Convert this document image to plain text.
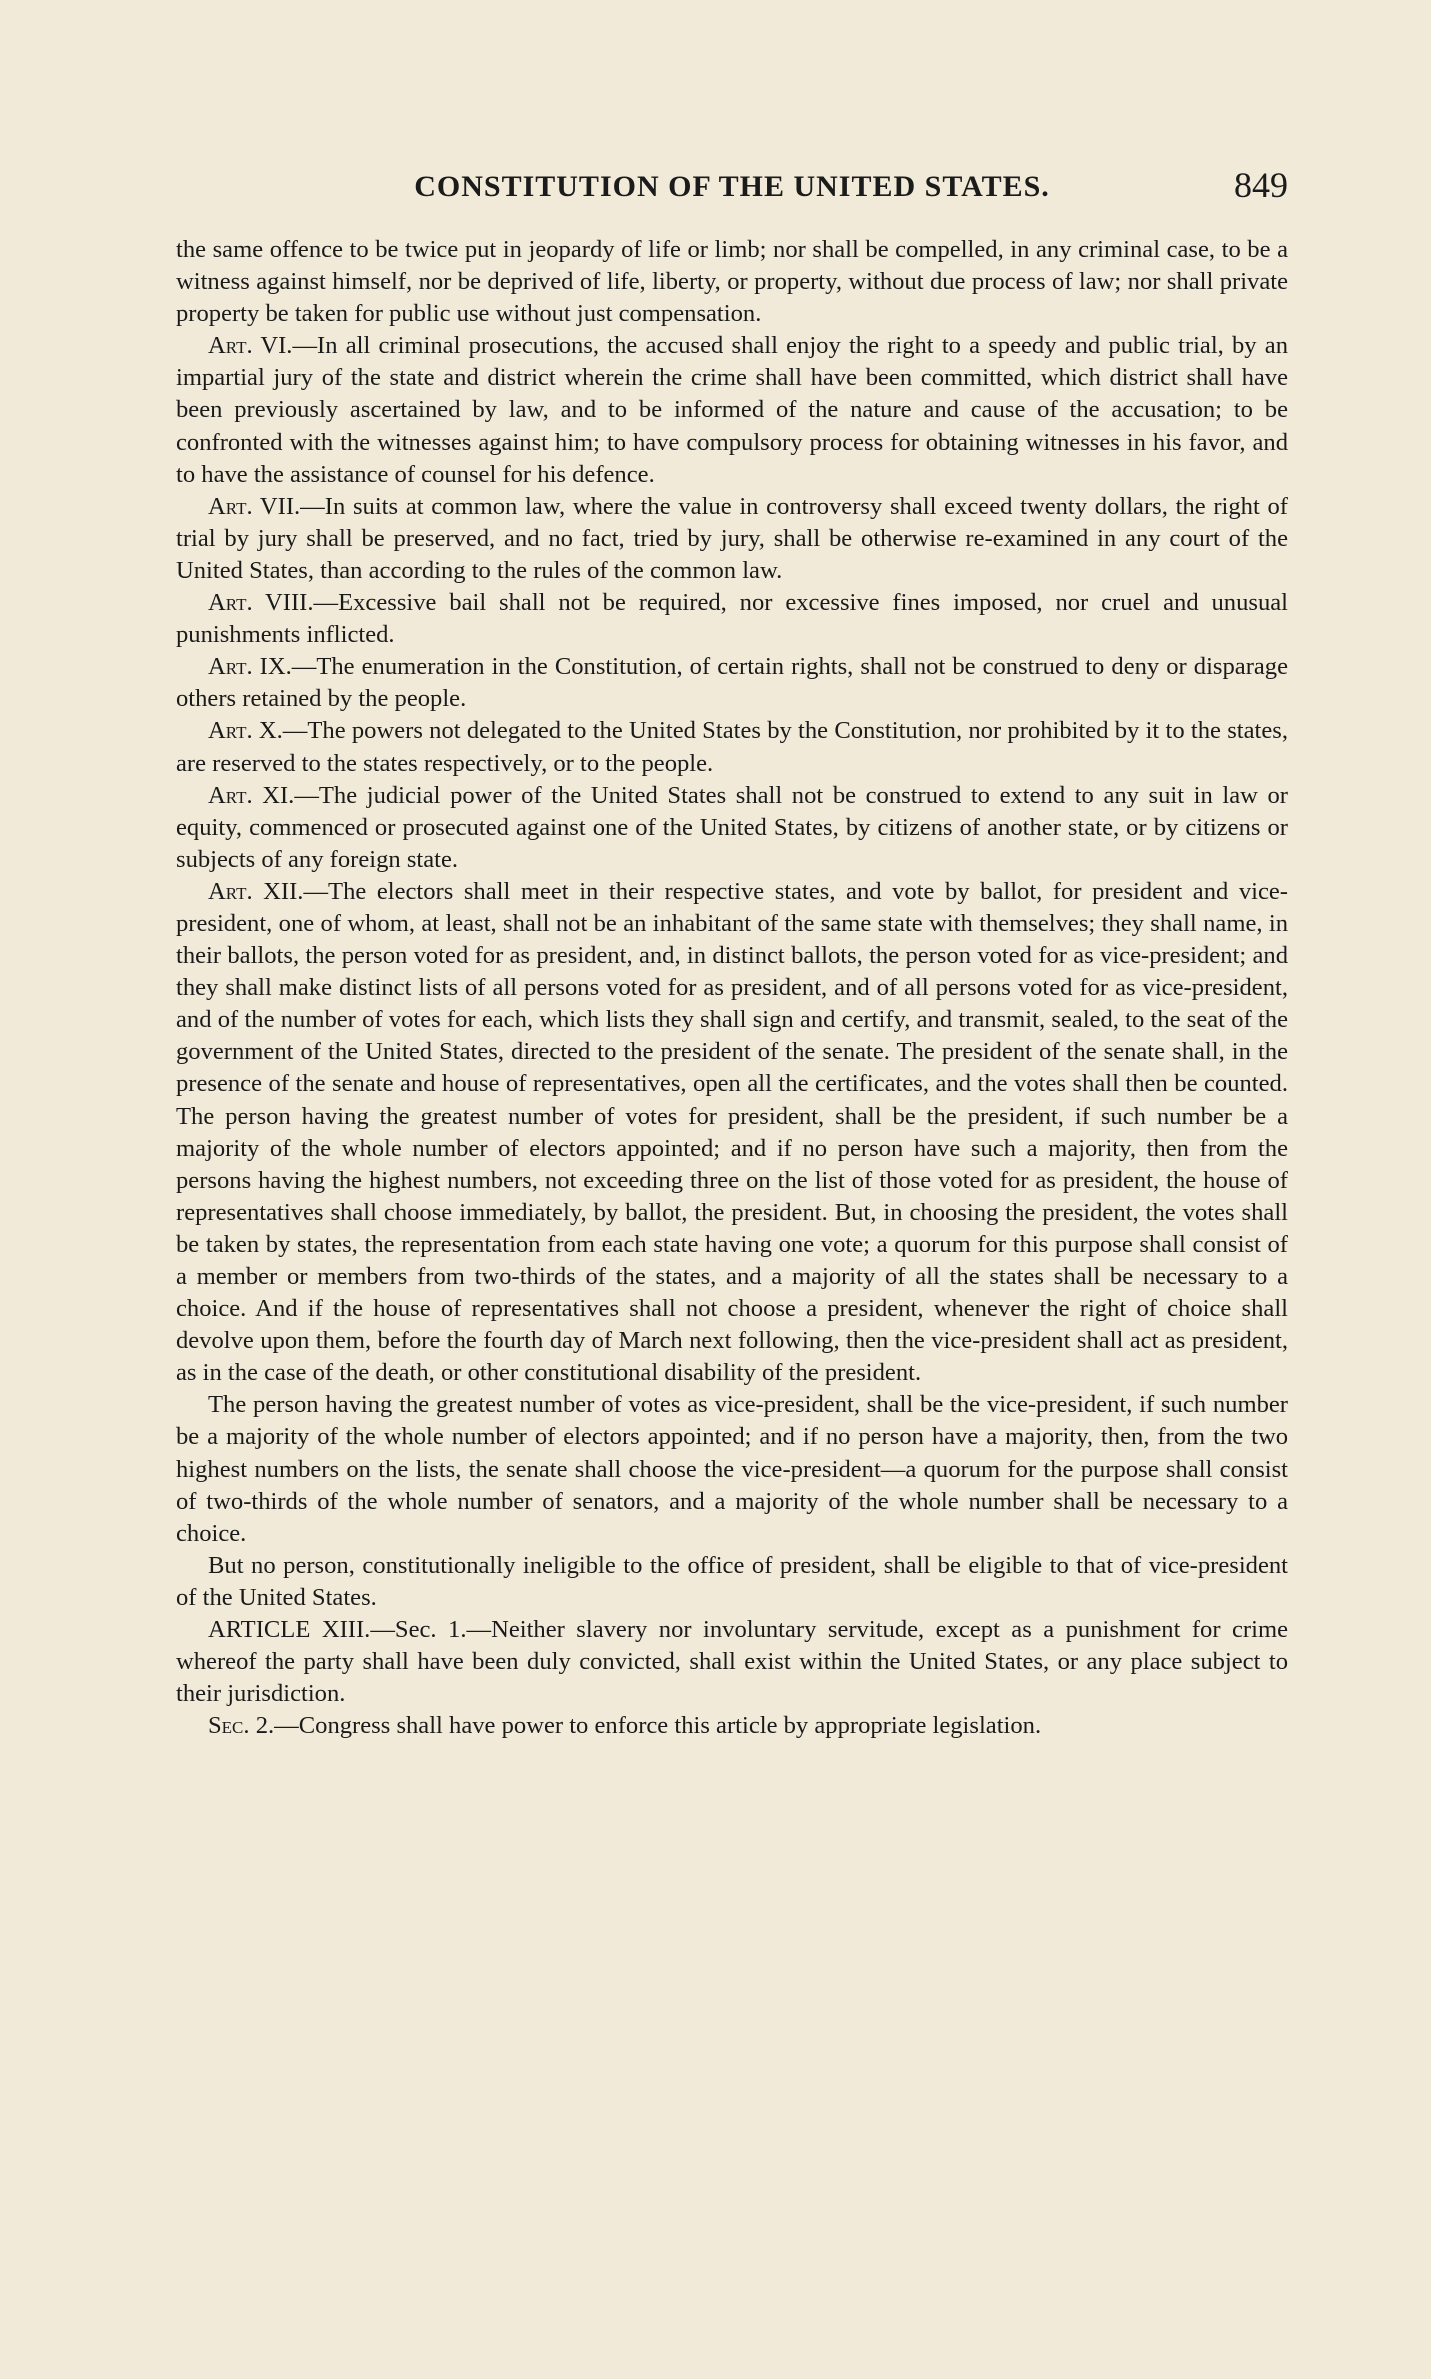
CONSTITUTION OF THE UNITED STATES.	849

the same offence to be twice put in jeopardy of life or limb; nor shall be compelled, in any criminal case, to be a witness against himself, nor be deprived of life, liberty, or property, without due process of law; nor shall private property be taken for public use without just compensation.

Art. VI.—In all criminal prosecutions, the accused shall enjoy the right to a speedy and public trial, by an impartial jury of the state and district wherein the crime shall have been committed, which district shall have been previously ascertained by law, and to be informed of the nature and cause of the accusation; to be confronted with the witnesses against him; to have compulsory process for obtaining witnesses in his favor, and to have the assistance of counsel for his defence.

Art. VII.—In suits at common law, where the value in controversy shall exceed twenty dollars, the right of trial by jury shall be preserved, and no fact, tried by jury, shall be otherwise re-examined in any court of the United States, than according to the rules of the common law.

Art. VIII.—Excessive bail shall not be required, nor excessive fines imposed, nor cruel and unusual punishments inflicted.

Art. IX.—The enumeration in the Constitution, of certain rights, shall not be construed to deny or disparage others retained by the people.

Art. X.—The powers not delegated to the United States by the Constitution, nor prohibited by it to the states, are reserved to the states respectively, or to the people.

Art. XI.—The judicial power of the United States shall not be construed to extend to any suit in law or equity, commenced or prosecuted against one of the United States, by citizens of another state, or by citizens or subjects of any foreign state.

Art. XII.—The electors shall meet in their respective states, and vote by ballot, for president and vice-president, one of whom, at least, shall not be an inhabitant of the same state with themselves; they shall name, in their ballots, the person voted for as president, and, in distinct ballots, the person voted for as vice-president; and they shall make distinct lists of all persons voted for as president, and of all persons voted for as vice-president, and of the number of votes for each, which lists they shall sign and certify, and transmit, sealed, to the seat of the government of the United States, directed to the president of the senate. The president of the senate shall, in the presence of the senate and house of representatives, open all the certificates, and the votes shall then be counted. The person having the greatest number of votes for president, shall be the president, if such number be a majority of the whole number of electors appointed; and if no person have such a majority, then from the persons having the highest numbers, not exceeding three on the list of those voted for as president, the house of representatives shall choose immediately, by ballot, the president. But, in choosing the president, the votes shall be taken by states, the representation from each state having one vote; a quorum for this purpose shall consist of a member or members from two-thirds of the states, and a majority of all the states shall be necessary to a choice. And if the house of representatives shall not choose a president, whenever the right of choice shall devolve upon them, before the fourth day of March next following, then the vice-president shall act as president, as in the case of the death, or other constitutional disability of the president.

The person having the greatest number of votes as vice-president, shall be the vice-president, if such number be a majority of the whole number of electors appointed; and if no person have a majority, then, from the two highest numbers on the lists, the senate shall choose the vice-president—a quorum for the purpose shall consist of two-thirds of the whole number of senators, and a majority of the whole number shall be necessary to a choice.

But no person, constitutionally ineligible to the office of president, shall be eligible to that of vice-president of the United States.

ARTICLE XIII.—Sec. 1.—Neither slavery nor involuntary servitude, except as a punishment for crime whereof the party shall have been duly convicted, shall exist within the United States, or any place subject to their jurisdiction.

Sec. 2.—Congress shall have power to enforce this article by appropriate legislation.
